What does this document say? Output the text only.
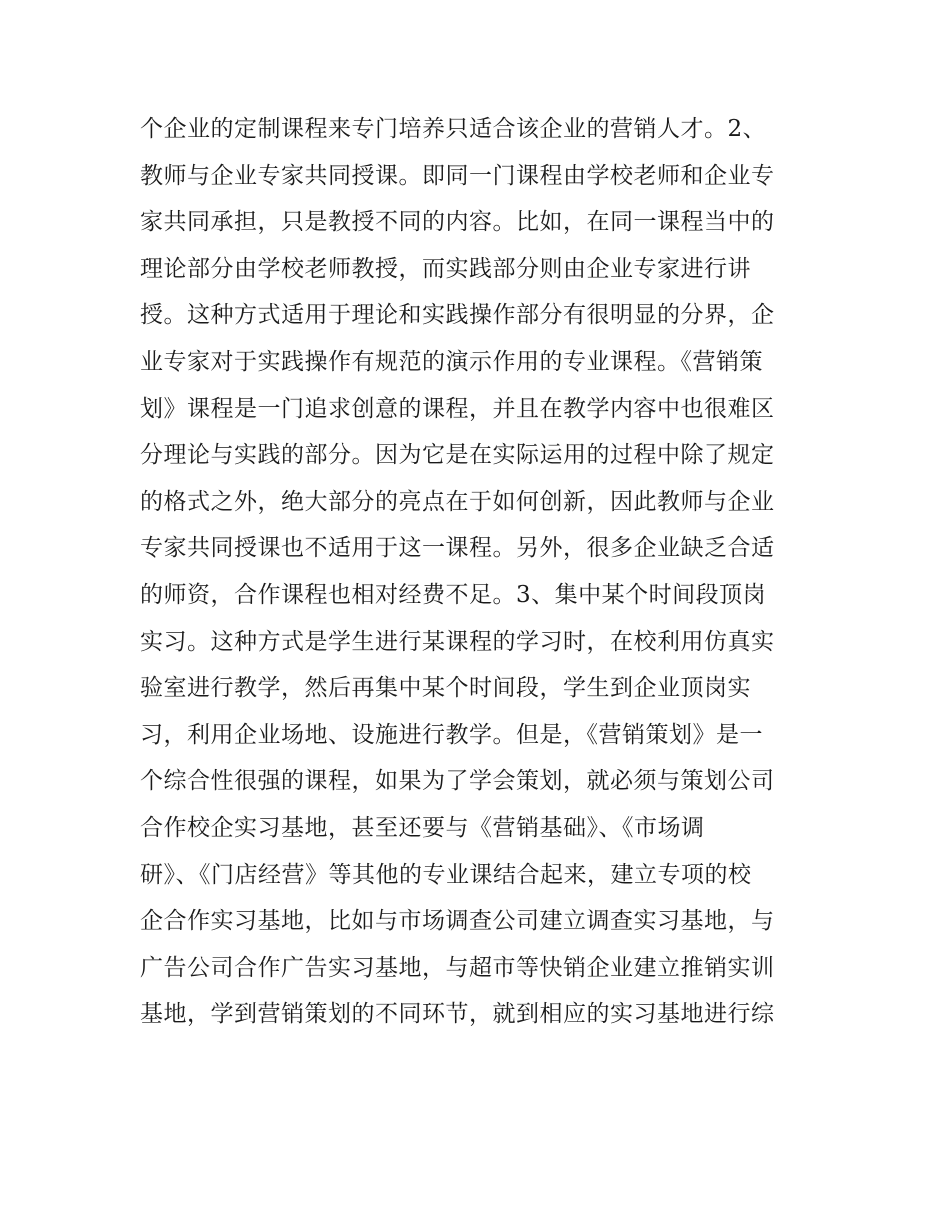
个企业的定制课程来专门培养只适合该企业的营销人才。2、
教师与企业专家共同授课。即同一门课程由学校老师和企业专
家共同承担，只是教授不同的内容。比如，在同一课程当中的
理论部分由学校老师教授，而实践部分则由企业专家进行讲
授。这种方式适用于理论和实践操作部分有很明显的分界，企
业专家对于实践操作有规范的演示作用的专业课程。《营销策
划》课程是一门追求创意的课程，并且在教学内容中也很难区
分理论与实践的部分。因为它是在实际运用的过程中除了规定
的格式之外，绝大部分的亮点在于如何创新，因此教师与企业
专家共同授课也不适用于这一课程。另外，很多企业缺乏合适
的师资，合作课程也相对经费不足。3、集中某个时间段顶岗
实习。这种方式是学生进行某课程的学习时，在校利用仿真实
验室进行教学，然后再集中某个时间段，学生到企业顶岗实
习，利用企业场地、设施进行教学。但是，《营销策划》是一
个综合性很强的课程，如果为了学会策划，就必须与策划公司
合作校企实习基地，甚至还要与《营销基础》、《市场调
研》、《门店经营》等其他的专业课结合起来，建立专项的校
企合作实习基地，比如与市场调查公司建立调查实习基地，与
广告公司合作广告实习基地，与超市等快销企业建立推销实训
基地，学到营销策划的不同环节，就到相应的实习基地进行综
